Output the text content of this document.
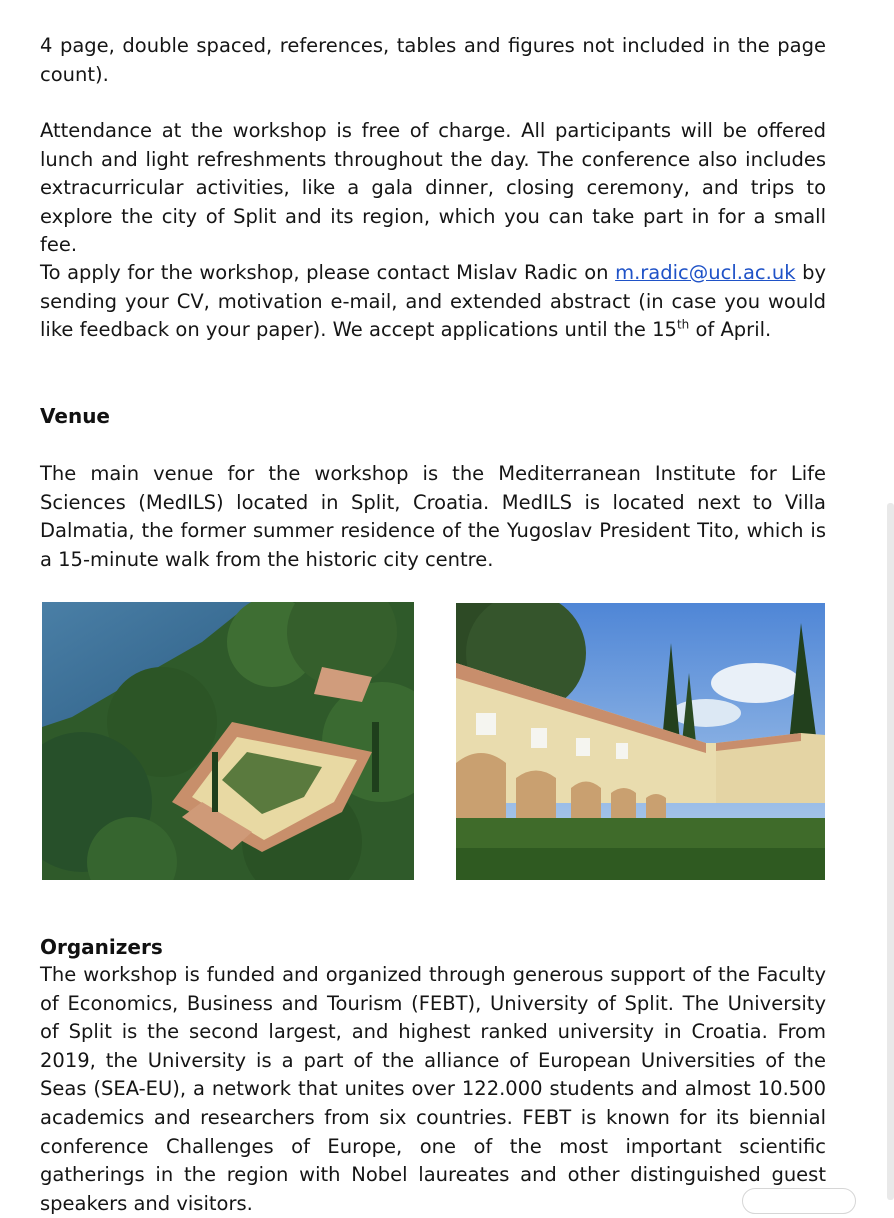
4 page, double spaced, references, tables and figures not included in the page count).

Attendance at the workshop is free of charge. All participants will be offered lunch and light refreshments throughout the day. The conference also includes extracurricular activities, like a gala dinner, closing ceremony, and trips to explore the city of Split and its region, which you can take part in for a small fee.

To apply for the workshop, please contact Mislav Radic on m.radic@ucl.ac.uk by sending your CV, motivation e-mail, and extended abstract (in case you would like feedback on your paper). We accept applications until the 15th of April.

Venue

The main venue for the workshop is the Mediterranean Institute for Life Sciences (MedILS) located in Split, Croatia. MedILS is located next to Villa Dalmatia, the former summer residence of the Yugoslav President Tito, which is a 15-minute walk from the historic city centre.

Organizers

The workshop is funded and organized through generous support of the Faculty of Economics, Business and Tourism (FEBT), University of Split. The University of Split is the second largest, and highest ranked university in Croatia. From 2019, the University is a part of the alliance of European Universities of the Seas (SEA-EU), a network that unites over 122.000 students and almost 10.500 academics and researchers from six countries. FEBT is known for its biennial conference Challenges of Europe, one of the most important scientific gatherings in the region with Nobel laureates and other distinguished guest speakers and visitors.
